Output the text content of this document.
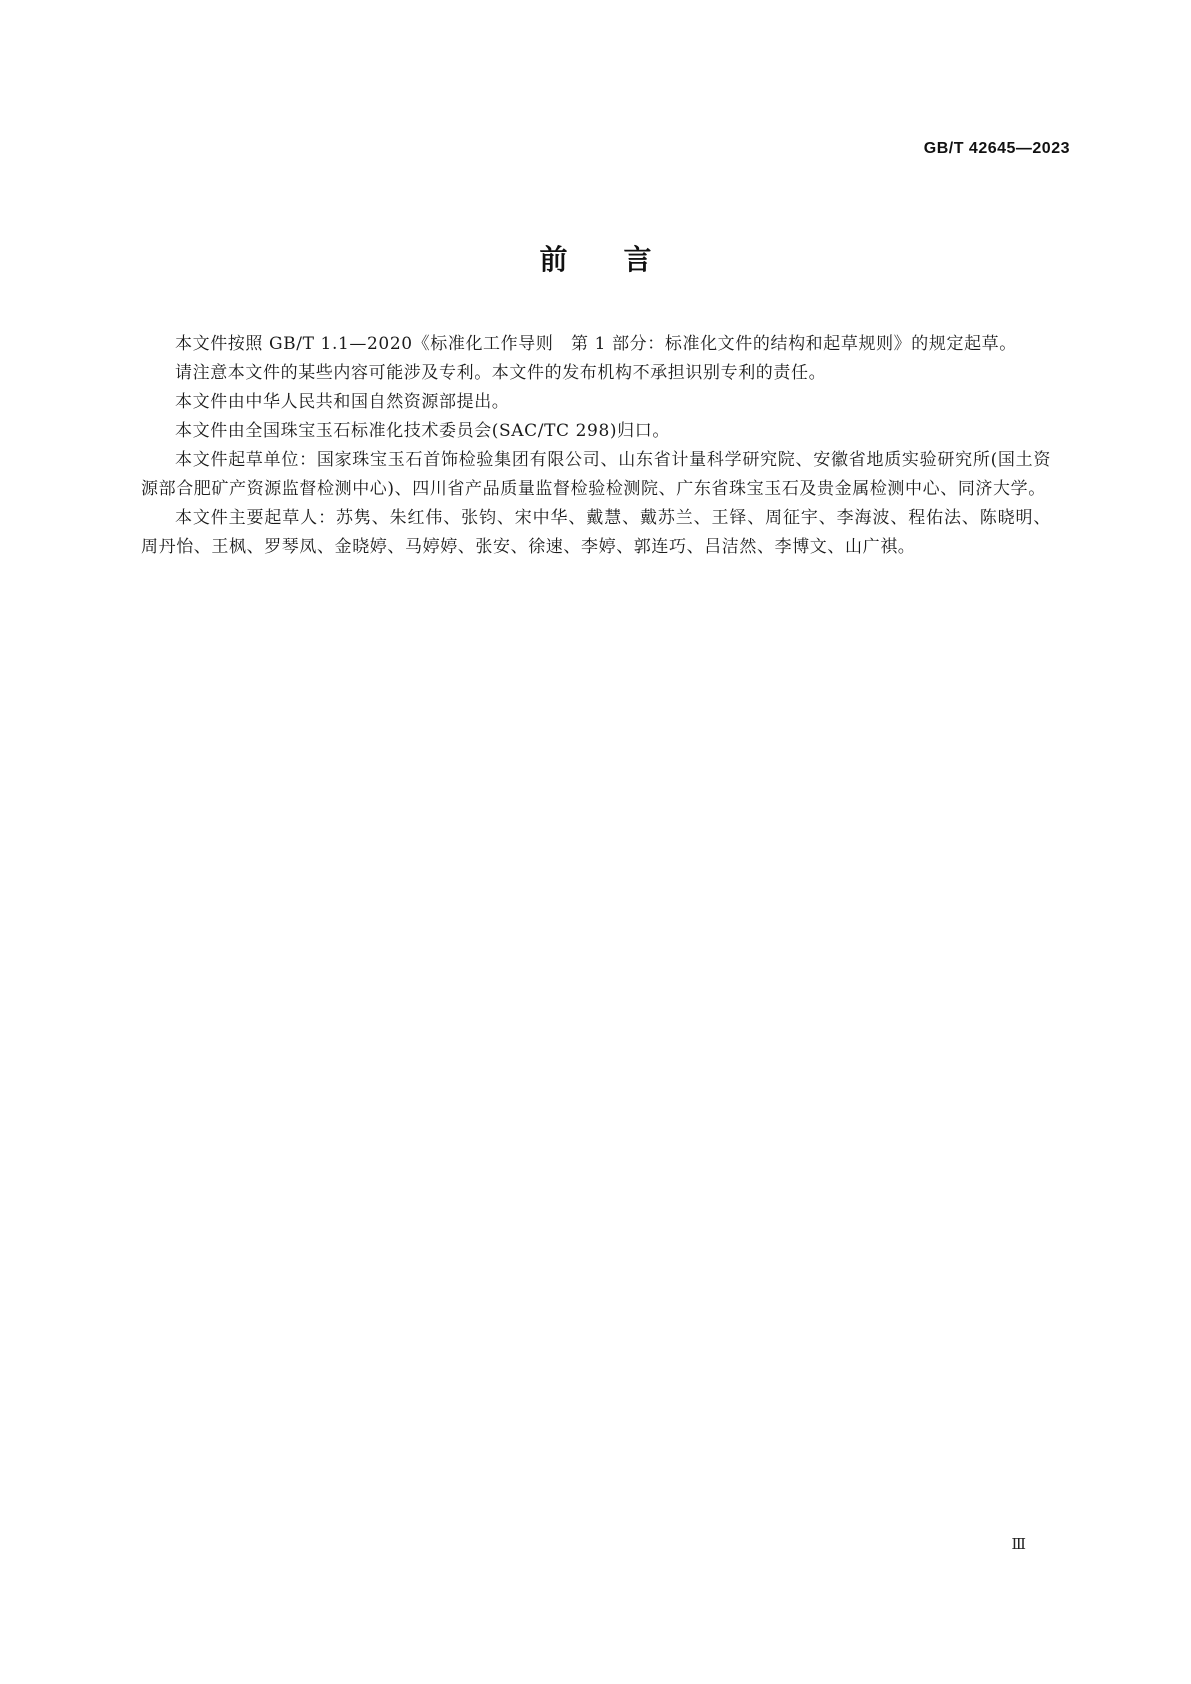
GB/T 42645—2023
前 言

本文件按照 GB/T 1.1—2020《标准化工作导则　第 1 部分：标准化文件的结构和起草规则》的规定起草。

请注意本文件的某些内容可能涉及专利。本文件的发布机构不承担识别专利的责任。

本文件由中华人民共和国自然资源部提出。

本文件由全国珠宝玉石标准化技术委员会(SAC/TC 298)归口。

本文件起草单位：国家珠宝玉石首饰检验集团有限公司、山东省计量科学研究院、安徽省地质实验研究所(国土资源部合肥矿产资源监督检测中心)、四川省产品质量监督检验检测院、广东省珠宝玉石及贵金属检测中心、同济大学。

本文件主要起草人：苏隽、朱红伟、张钧、宋中华、戴慧、戴苏兰、王铎、周征宇、李海波、程佑法、陈晓明、周丹怡、王枫、罗琴凤、金晓婷、马婷婷、张安、徐速、李婷、郭连巧、吕洁然、李博文、山广祺。

Ⅲ
